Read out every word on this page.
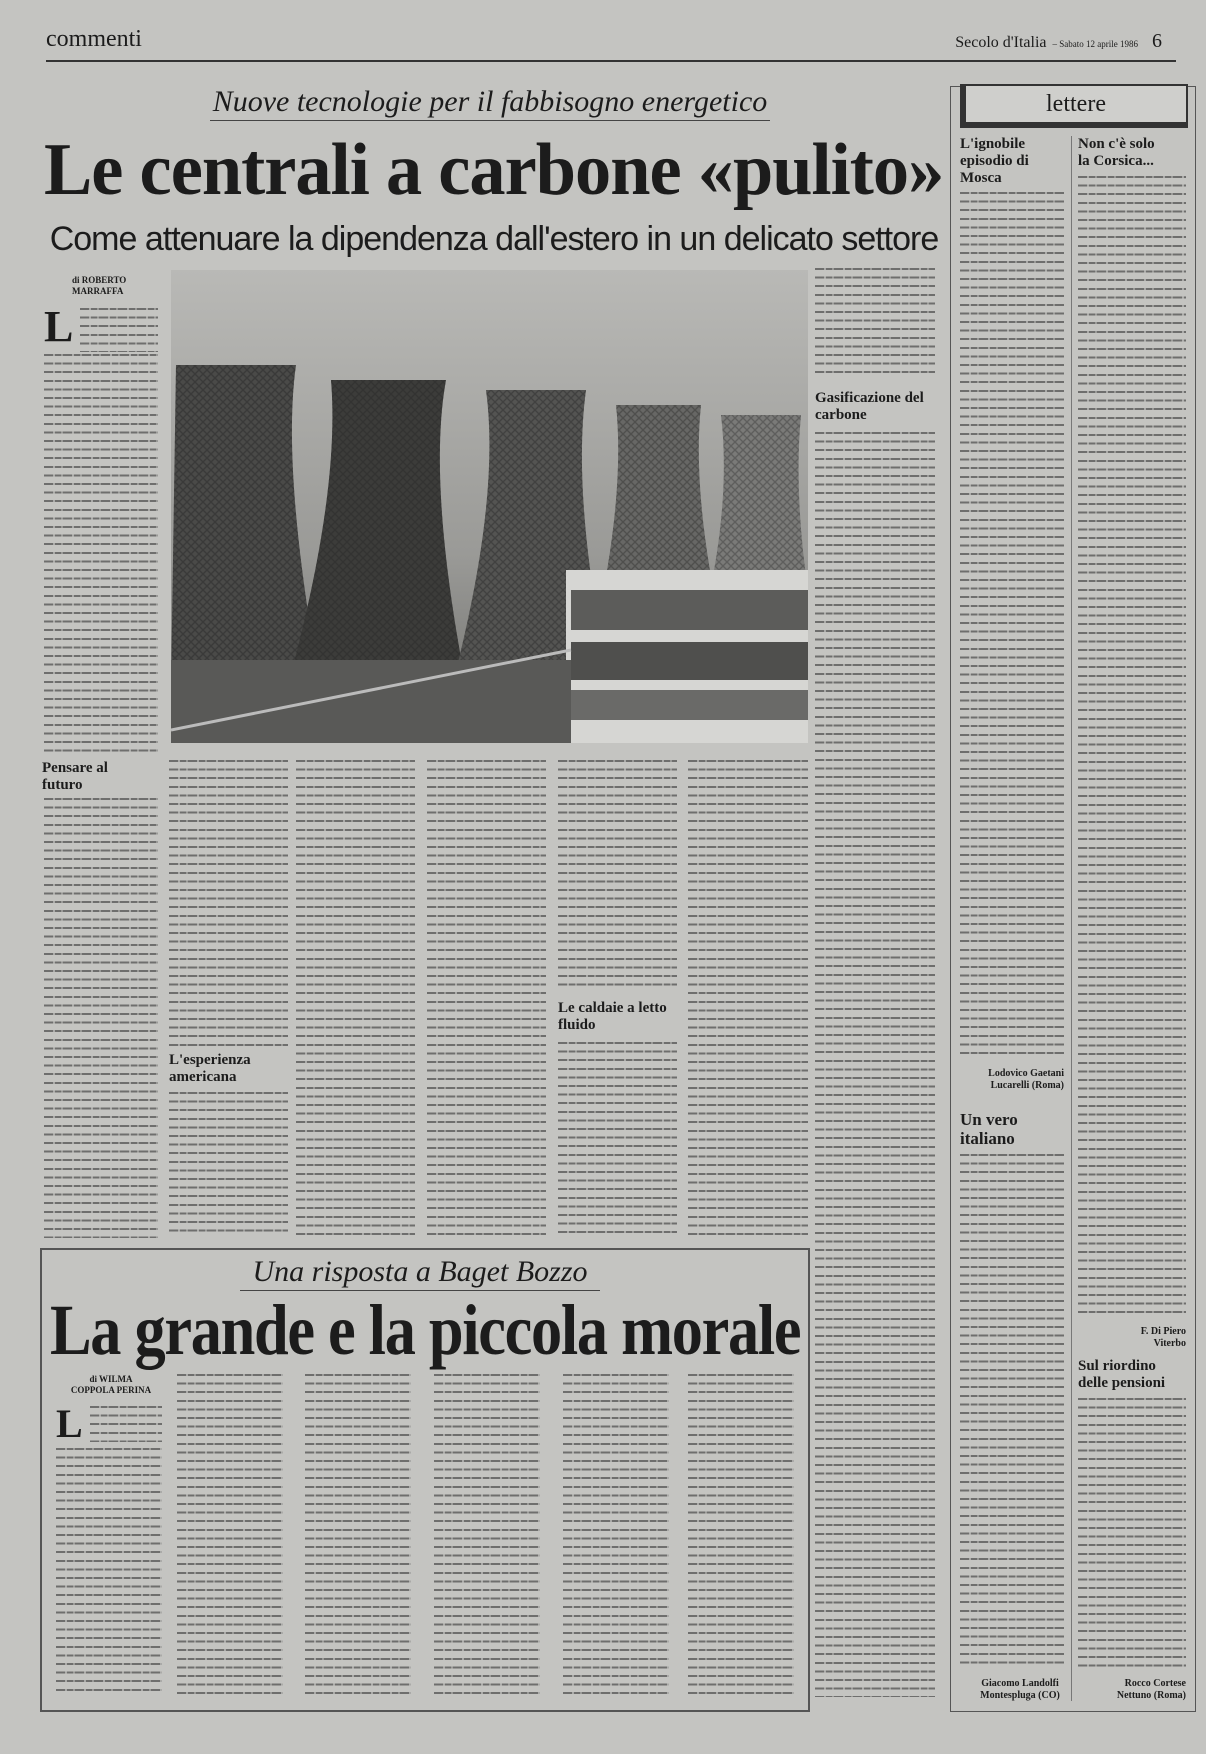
commenti	Secolo d'Italia – Sabato 12 aprile 1986 6
Nuove tecnologie per il fabbisogno energetico
Le centrali a carbone «pulito»
Come attenuare la dipendenza dall'estero in un delicato settore
di ROBERTO
MARRAFFA
L
Pensare al futuro
L'esperienza americana
Le caldaie a letto fluido
Gasificazione del carbone
Una risposta a Baget Bozzo
La grande e la piccola morale
di WILMA
COPPOLA PERINA
L
lettere
L'ignobile episodio di Mosca
Lodovico Gaetani Lucarelli (Roma)
Un vero italiano
Giacomo Landolfi Montespluga (CO)
Non c'è solo la Corsica...
F. Di Piero Viterbo
Sul riordino delle pensioni
Rocco Cortese Nettuno (Roma)
